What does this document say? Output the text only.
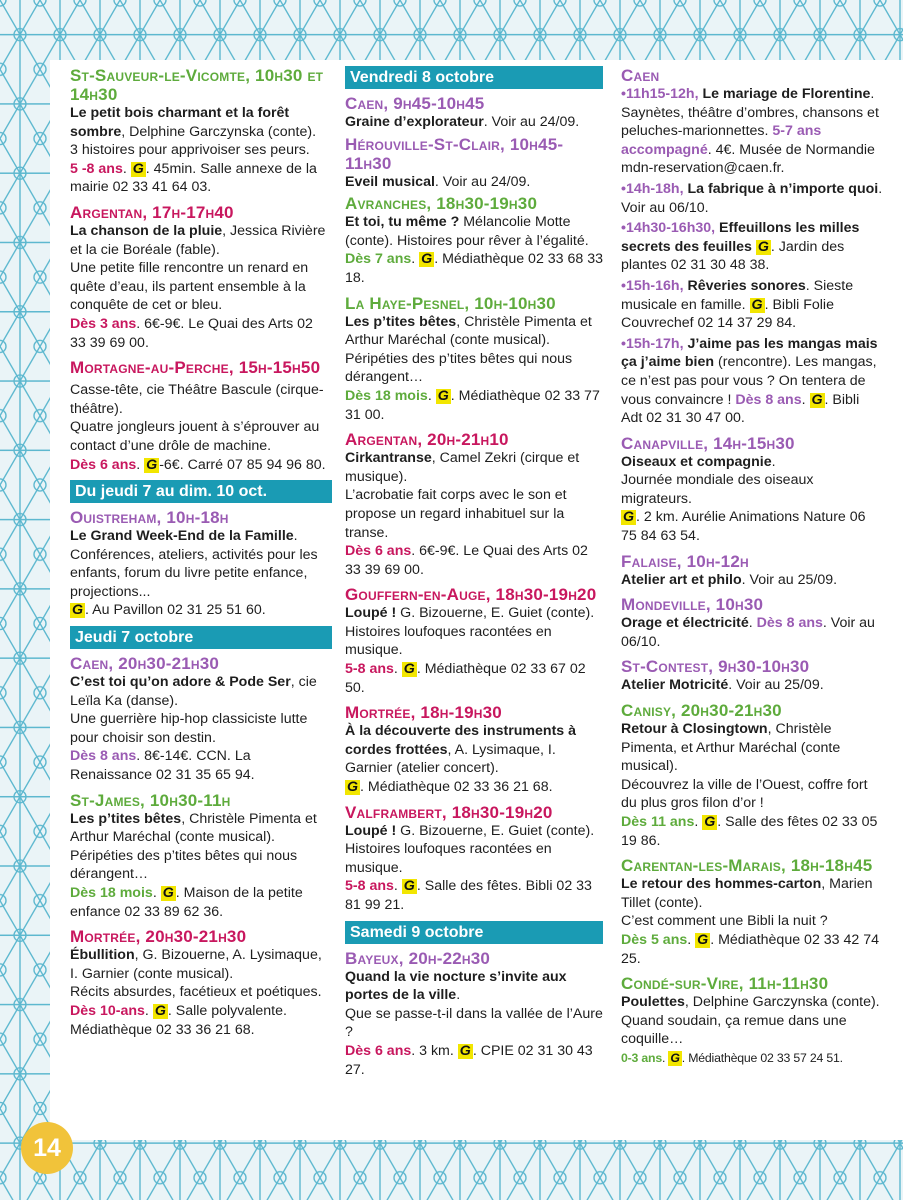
St-Sauveur-le-Vicomte, 10h30 et 14h30
Le petit bois charmant et la forêt sombre, Delphine Garczynska (conte).
3 histoires pour apprivoiser ses peurs.
5 -8 ans. G . 45min. Salle annexe de la mairie 02 33 41 64 03.
Argentan, 17h-17h40
La chanson de la pluie, Jessica Rivière et la cie Boréale (fable).
Une petite fille rencontre un renard en quête d’eau, ils partent ensemble à la conquête de cet or bleu.
Dès 3 ans. 6€-9€. Le Quai des Arts 02 33 39 69 00.
Mortagne-au-Perche, 15h-15h50
Casse-tête, cie Théâtre Bascule (cirque-théâtre).
Quatre jongleurs jouent à s’éprouver au contact d’une drôle de machine.
Dès 6 ans. G -6€. Carré 07 85 94 96 80.
Du jeudi 7 au dim. 10 oct.
Ouistreham, 10h-18h
Le Grand Week-End de la Famille. Conférences, ateliers, activités pour les enfants, forum du livre petite enfance, projections...
G . Au Pavillon 02 31 25 51 60.
Jeudi 7 octobre
Caen, 20h30-21h30
C’est toi qu’on adore & Pode Ser, cie Leïla Ka (danse).
Une guerrière hip-hop classiciste lutte pour choisir son destin.
Dès 8 ans. 8€-14€. CCN. La Renaissance 02 31 35 65 94.
St-James, 10h30-11h
Les p’tites bêtes, Christèle Pimenta et Arthur Maréchal (conte musical).
Péripéties des p’tites bêtes qui nous dérangent…
Dès 18 mois. G . Maison de la petite enfance 02 33 89 62 36.
Mortrée, 20h30-21h30
Ébullition, G. Bizouerne, A. Lysimaque, I. Garnier (conte musical).
Récits absurdes, facétieux et poétiques.
Dès 10-ans. G . Salle polyvalente. Médiathèque 02 33 36 21 68.
Vendredi 8 octobre
Caen, 9h45-10h45
Graine d’explorateur. Voir au 24/09.
Hérouville-St-Clair, 10h45-11h30
Eveil musical. Voir au 24/09.
Avranches, 18h30-19h30
Et toi, tu même ? Mélancolie Motte (conte). Histoires pour rêver à l’égalité.
Dès 7 ans. G . Médiathèque 02 33 68 33 18.
La Haye-Pesnel, 10h-10h30
Les p’tites bêtes, Christèle Pimenta et Arthur Maréchal (conte musical). Péripéties des p’tites bêtes qui nous dérangent…
Dès 18 mois. G . Médiathèque 02 33 77 31 00.
Argentan, 20h-21h10
Cirkantranse, Camel Zekri (cirque et musique).
L’acrobatie fait corps avec le son et propose un regard inhabituel sur la transe.
Dès 6 ans. 6€-9€. Le Quai des Arts 02 33 39 69 00.
Gouffern-en-Auge, 18h30-19h20
Loupé ! G. Bizouerne, E. Guiet (conte). Histoires loufoques racontées en musique.
5-8 ans. G . Médiathèque 02 33 67 02 50.
Mortrée, 18h-19h30
À la découverte des instruments à cordes frottées, A. Lysimaque, I. Garnier (atelier concert).
G . Médiathèque 02 33 36 21 68.
Valframbert, 18h30-19h20
Loupé ! G. Bizouerne, E. Guiet (conte). Histoires loufoques racontées en musique.
5-8 ans. G . Salle des fêtes. Bibli 02 33 81 99 21.
Samedi 9 octobre
Bayeux, 20h-22h30
Quand la vie nocture s’invite aux portes de la ville.
Que se passe-t-il dans la vallée de l’Aure ?
Dès 6 ans. 3 km. G . CPIE 02 31 30 43 27.
Caen
•11h15-12h, Le mariage de Florentine. Saynètes, théâtre d’ombres, chansons et peluches-marionnettes. 5-7 ans accompagné. 4€. Musée de Normandie mdn-reservation@caen.fr.
•14h-18h, La fabrique à n’importe quoi. Voir au 06/10.
•14h30-16h30, Effeuillons les milles secrets des feuilles G . Jardin des plantes 02 31 30 48 38.
•15h-16h, Rêveries sonores. Sieste musicale en famille. G . Bibli Folie Couvrechef 02 14 37 29 84.
•15h-17h, J’aime pas les mangas mais ça j’aime bien (rencontre). Les mangas, ce n’est pas pour vous ? On tentera de vous convaincre ! Dès 8 ans. G . Bibli Adt 02 31 30 47 00.
Canapville, 14h-15h30
Oiseaux et compagnie.
Journée mondiale des oiseaux migrateurs.
G . 2 km. Aurélie Animations Nature 06 75 84 63 54.
Falaise, 10h-12h
Atelier art et philo. Voir au 25/09.
Mondeville, 10h30
Orage et électricité. Dès 8 ans. Voir au 06/10.
St-Contest, 9h30-10h30
Atelier Motricité. Voir au 25/09.
Canisy, 20h30-21h30
Retour à Closingtown, Christèle Pimenta, et Arthur Maréchal (conte musical).
Découvrez la ville de l’Ouest, coffre fort du plus gros filon d’or !
Dès 11 ans. G . Salle des fêtes 02 33 05 19 86.
Carentan-les-Marais, 18h-18h45
Le retour des hommes-carton, Marien Tillet (conte).
C’est comment une Bibli la nuit ?
Dès 5 ans. G . Médiathèque 02 33 42 74 25.
Condé-sur-Vire, 11h-11h30
Poulettes, Delphine Garczynska (conte). Quand soudain, ça remue dans une coquille…
0-3 ans. G . Médiathèque 02 33 57 24 51.
14
